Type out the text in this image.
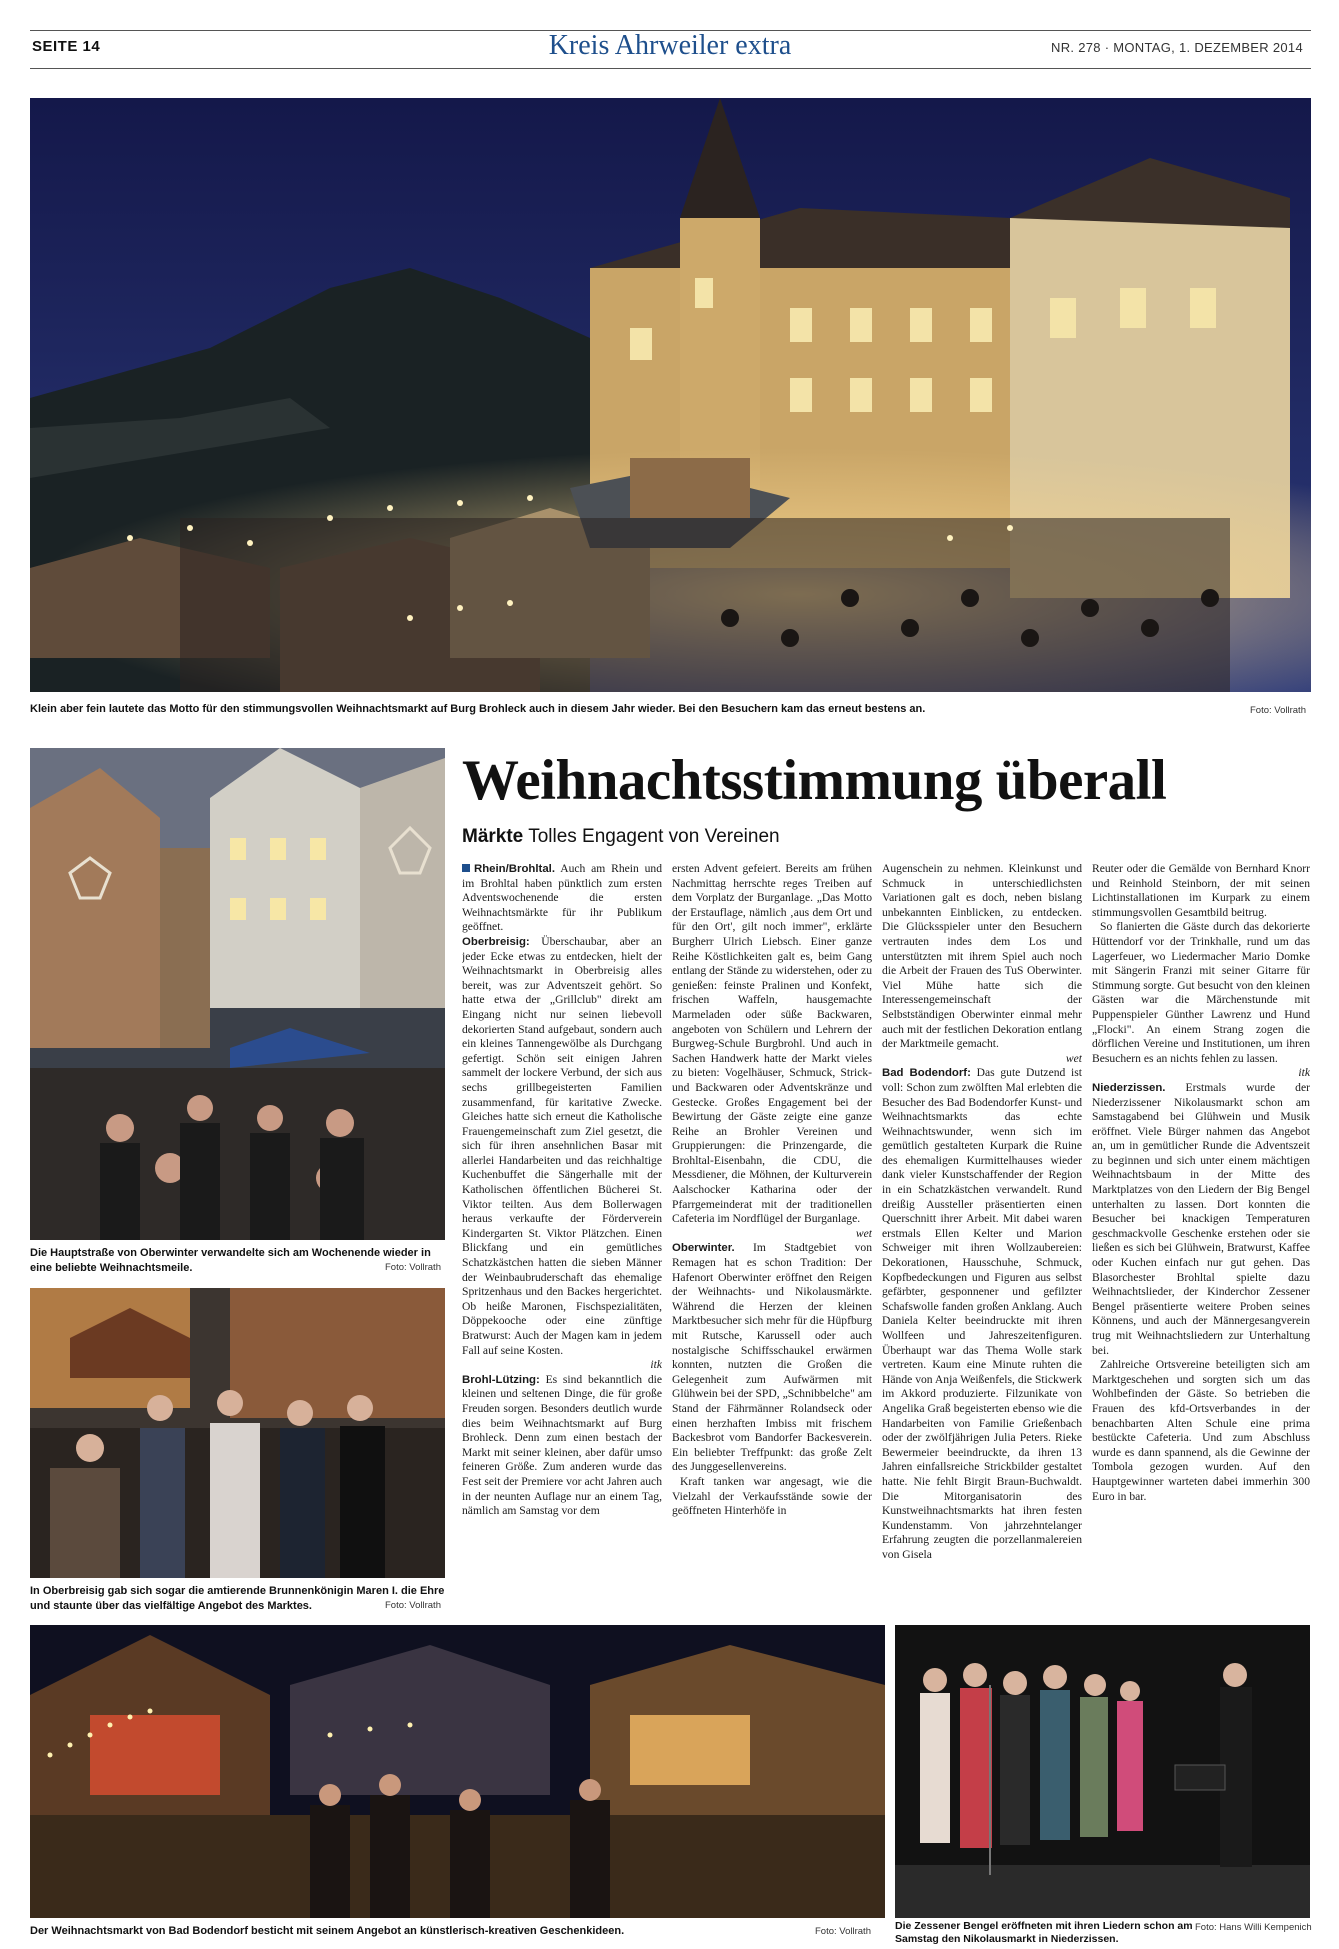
SEITE 14	Kreis Ahrweiler extra	NR. 278 · MONTAG, 1. DEZEMBER 2014
Klein aber fein lautete das Motto für den stimmungsvollen Weihnachtsmarkt auf Burg Brohleck auch in diesem Jahr wieder. Bei den Besuchern kam das erneut bestens an.	Foto: Vollrath
Die Hauptstraße von Oberwinter verwandelte sich am Wochenende wieder in eine beliebte Weihnachtsmeile.	Foto: Vollrath
In Oberbreisig gab sich sogar die amtierende Brunnenkönigin Maren I. die Ehre und staunte über das vielfältige Angebot des Marktes.	Foto: Vollrath
Weihnachtsstimmung überall
Märkte Tolles Engagent von Vereinen

Rhein/Brohltal. Auch am Rhein und im Brohltal haben pünktlich zum ersten Adventswochenende die ersten Weihnachtsmärkte für ihr Publikum geöffnet.

Oberbreisig: Überschaubar, aber an jeder Ecke etwas zu entdecken, hielt der Weihnachtsmarkt in Oberbreisig alles bereit, was zur Adventszeit gehört. So hatte etwa der „Grillclub" direkt am Eingang nicht nur seinen liebevoll dekorierten Stand aufgebaut, sondern auch ein kleines Tannengewölbe als Durchgang gefertigt. Schön seit einigen Jahren sammelt der lockere Verbund, der sich aus sechs grillbegeisterten Familien zusammenfand, für karitative Zwecke. Gleiches hatte sich erneut die Katholische Frauengemeinschaft zum Ziel gesetzt, die sich für ihren ansehnlichen Basar mit allerlei Handarbeiten und das reichhaltige Kuchenbuffet die Sängerhalle mit der Katholischen öffentlichen Bücherei St. Viktor teilten. Aus dem Bollerwagen heraus verkaufte der Förderverein Kindergarten St. Viktor Plätzchen. Einen Blickfang und ein gemütliches Schatzkästchen hatten die sieben Männer der Weinbaubruderschaft das ehemalige Spritzenhaus und den Backes hergerichtet. Ob heiße Maronen, Fischspezialitäten, Döppekooche oder eine zünftige Bratwurst: Auch der Magen kam in jedem Fall auf seine Kosten.

itk

Brohl-Lützing: Es sind bekanntlich die kleinen und seltenen Dinge, die für große Freuden sorgen. Besonders deutlich wurde dies beim Weihnachtsmarkt auf Burg Brohleck. Denn zum einen bestach der Markt mit seiner kleinen, aber dafür umso feineren Größe. Zum anderen wurde das Fest seit der Premiere vor acht Jahren auch in der neunten Auflage nur an einem Tag, nämlich am Samstag vor dem

ersten Advent gefeiert. Bereits am frühen Nachmittag herrschte reges Treiben auf dem Vorplatz der Burganlage. „Das Motto der Erstauflage, nämlich ‚aus dem Ort und für den Ort', gilt noch immer", erklärte Burgherr Ulrich Liebsch. Einer ganze Reihe Köstlichkeiten galt es, beim Gang entlang der Stände zu widerstehen, oder zu genießen: feinste Pralinen und Konfekt, frischen Waffeln, hausgemachte Marmeladen oder süße Backwaren, angeboten von Schülern und Lehrern der Burgweg-Schule Burgbrohl. Und auch in Sachen Handwerk hatte der Markt vieles zu bieten: Vogelhäuser, Schmuck, Strick- und Backwaren oder Adventskränze und Gestecke. Großes Engagement bei der Bewirtung der Gäste zeigte eine ganze Reihe an Brohler Vereinen und Gruppierungen: die Prinzengarde, die Brohltal-Eisenbahn, die CDU, die Messdiener, die Möhnen, der Kulturverein Aalschocker Katharina oder der Pfarrgemeinderat mit der traditionellen Cafeteria im Nordflügel der Burganlage.

wet

Oberwinter. Im Stadtgebiet von Remagen hat es schon Tradition: Der Hafenort Oberwinter eröffnet den Reigen der Weihnachts- und Nikolausmärkte. Während die Herzen der kleinen Marktbesucher sich mehr für die Hüpfburg mit Rutsche, Karussell oder auch nostalgische Schiffsschaukel erwärmen konnten, nutzten die Großen die Gelegenheit zum Aufwärmen mit Glühwein bei der SPD, „Schnibbelche" am Stand der Fährmänner Rolandseck oder einen herzhaften Imbiss mit frischem Backesbrot vom Bandorfer Backesverein. Ein beliebter Treffpunkt: das große Zelt des Junggesellenvereins.

Kraft tanken war angesagt, wie die Vielzahl der Verkaufsstände sowie der geöffneten Hinterhöfe in

Augenschein zu nehmen. Kleinkunst und Schmuck in unterschiedlichsten Variationen galt es doch, neben bislang unbekannten Einblicken, zu entdecken. Die Glücksspieler unter den Besuchern vertrauten indes dem Los und unterstützten mit ihrem Spiel auch noch die Arbeit der Frauen des TuS Oberwinter. Viel Mühe hatte sich die Interessengemeinschaft der Selbstständigen Oberwinter einmal mehr auch mit der festlichen Dekoration entlang der Marktmeile gemacht.

wet

Bad Bodendorf: Das gute Dutzend ist voll: Schon zum zwölften Mal erlebten die Besucher des Bad Bodendorfer Kunst- und Weihnachtsmarkts das echte Weihnachtswunder, wenn sich im gemütlich gestalteten Kurpark die Ruine des ehemaligen Kurmittelhauses wieder dank vieler Kunstschaffender der Region in ein Schatzkästchen verwandelt. Rund dreißig Aussteller präsentierten einen Querschnitt ihrer Arbeit. Mit dabei waren erstmals Ellen Kelter und Marion Schweiger mit ihren Wollzaubereien: Dekorationen, Hausschuhe, Schmuck, Kopfbedeckungen und Figuren aus selbst gefärbter, gesponnener und gefilzter Schafswolle fanden großen Anklang. Auch Daniela Kelter beeindruckte mit ihren Wollfeen und Jahreszeitenfiguren. Überhaupt war das Thema Wolle stark vertreten. Kaum eine Minute ruhten die Hände von Anja Weißenfels, die Stickwerk im Akkord produzierte. Filzunikate von Angelika Graß begeisterten ebenso wie die Handarbeiten von Familie Grießenbach oder der zwölfjährigen Julia Peters. Rieke Bewermeier beeindruckte, da ihren 13 Jahren einfallsreiche Strickbilder gestaltet hatte. Nie fehlt Birgit Braun-Buchwaldt. Die Mitorganisatorin des Kunstweihnachtsmarkts hat ihren festen Kundenstamm. Von jahrzehntelanger Erfahrung zeugten die porzellanmalereien von Gisela

Reuter oder die Gemälde von Bernhard Knorr und Reinhold Steinborn, der mit seinen Lichtinstallationen im Kurpark zu einem stimmungsvollen Gesamtbild beitrug.

So flanierten die Gäste durch das dekorierte Hüttendorf vor der Trinkhalle, rund um das Lagerfeuer, wo Liedermacher Mario Domke mit Sängerin Franzi mit seiner Gitarre für Stimmung sorgte. Gut besucht von den kleinen Gästen war die Märchenstunde mit Puppenspieler Günther Lawrenz und Hund „Flocki". An einem Strang zogen die dörflichen Vereine und Institutionen, um ihren Besuchern es an nichts fehlen zu lassen.

itk

Niederzissen. Erstmals wurde der Niederzissener Nikolausmarkt schon am Samstagabend bei Glühwein und Musik eröffnet. Viele Bürger nahmen das Angebot an, um in gemütlicher Runde die Adventszeit zu beginnen und sich unter einem mächtigen Weihnachtsbaum in der Mitte des Marktplatzes von den Liedern der Big Bengel unterhalten zu lassen. Dort konnten die Besucher bei knackigen Temperaturen geschmackvolle Geschenke erstehen oder sie ließen es sich bei Glühwein, Bratwurst, Kaffee oder Kuchen einfach nur gut gehen. Das Blasorchester Brohltal spielte dazu Weihnachtslieder, der Kinderchor Zessener Bengel präsentierte weitere Proben seines Könnens, und auch der Männergesangverein trug mit Weihnachtsliedern zur Unterhaltung bei.

Zahlreiche Ortsvereine beteiligten sich am Marktgeschehen und sorgten sich um das Wohlbefinden der Gäste. So betrieben die Frauen des kfd-Ortsverbandes in der benachbarten Alten Schule eine prima bestückte Cafeteria. Und zum Abschluss wurde es dann spannend, als die Gewinne der Tombola gezogen wurden. Auf den Hauptgewinner warteten dabei immerhin 300 Euro in bar.

Der Weihnachtsmarkt von Bad Bodendorf besticht mit seinem Angebot an künstlerisch-kreativen Geschenkideen.	Foto: Vollrath Die Zessener Bengel eröffneten mit ihren Liedern schon am Samstag den Nikolausmarkt in Niederzissen.
Foto: Hans Willi Kempenich
